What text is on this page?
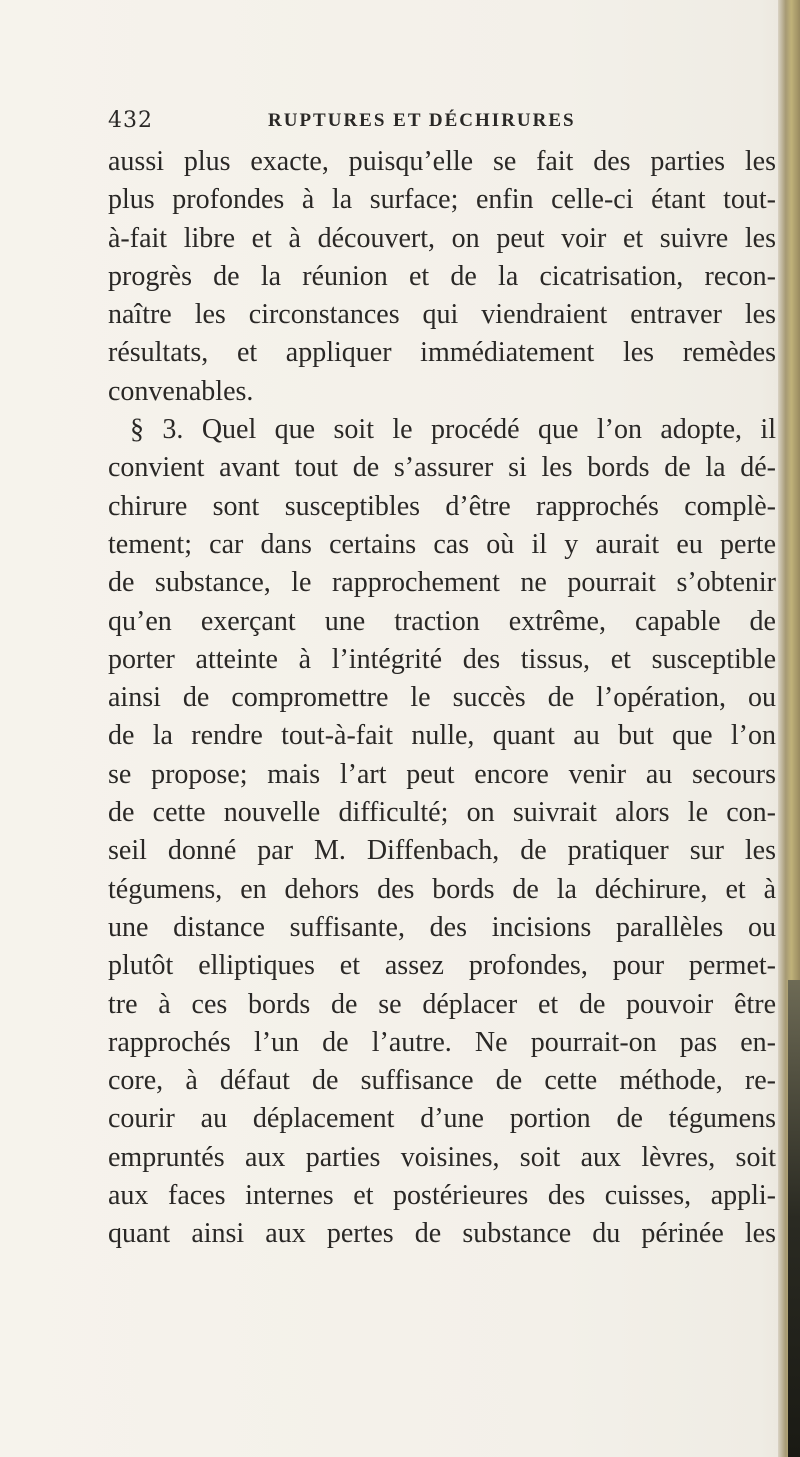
432	RUPTURES ET DÉCHIRURES
aussi plus exacte, puisqu’elle se fait des parties les
plus profondes à la surface; enfin celle-ci étant tout-
à-fait libre et à découvert, on peut voir et suivre les
progrès de la réunion et de la cicatrisation, recon-
naître les circonstances qui viendraient entraver les
résultats, et appliquer immédiatement les remèdes
convenables.
§ 3. Quel que soit le procédé que l’on adopte, il
convient avant tout de s’assurer si les bords de la dé-
chirure sont susceptibles d’être rapprochés complè-
tement; car dans certains cas où il y aurait eu perte
de substance, le rapprochement ne pourrait s’obtenir
qu’en exerçant une traction extrême, capable de
porter atteinte à l’intégrité des tissus, et susceptible
ainsi de compromettre le succès de l’opération, ou
de la rendre tout-à-fait nulle, quant au but que l’on
se propose; mais l’art peut encore venir au secours
de cette nouvelle difficulté; on suivrait alors le con-
seil donné par M. Diffenbach, de pratiquer sur les
tégumens, en dehors des bords de la déchirure, et à
une distance suffisante, des incisions parallèles ou
plutôt elliptiques et assez profondes, pour permet-
tre à ces bords de se déplacer et de pouvoir être
rapprochés l’un de l’autre. Ne pourrait-on pas en-
core, à défaut de suffisance de cette méthode, re-
courir au déplacement d’une portion de tégumens
empruntés aux parties voisines, soit aux lèvres, soit
aux faces internes et postérieures des cuisses, appli-
quant ainsi aux pertes de substance du périnée les
